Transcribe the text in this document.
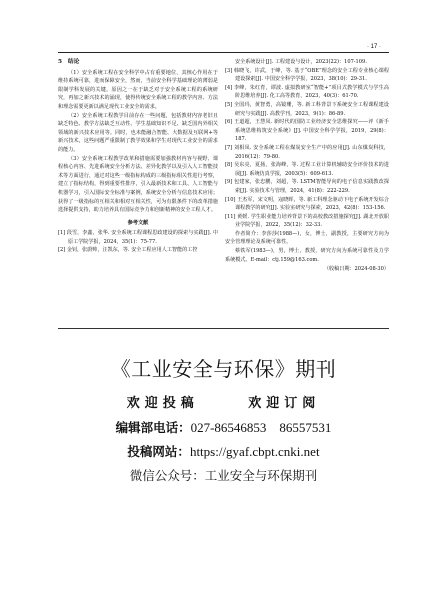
· 17 ·
5　结论

（1）安全系统工程在安全科学中占有重要地位，其核心作用在于维持系统可靠，进而保障安全，然而，当前安全科学基础理论的薄弱是限制学科发展的关键。原因之一在于缺乏对于安全系统工程的系统研究，再加之新兴技术的涌现，使得传统安全系统工程的教学内容、方法和理念需要更新以满足现代工业安全的需求。

（2）安全系统工程教学目前存在一些问题，包括教材内容老旧且缺乏特色、教学方法缺乏互动性、学生基础知识不足、缺乏国内外相关领域的新兴技术应用等。同时，也未能融合智能、大数据及互联网+等新兴技术，这些问题严重限制了教学效果和学生对现代工业安全的需求的能力。

（3）安全系统工程教学改革和措施需要加强教材内容与视野、课程核心内容、先进系统安全分析方法、差异化教学以及引入人工智能技术等方面进行，通过对这些一级指标构成的三级指标相关性进行考察，建立了指标结构，得到重要性排序，引入最新技术和工具、人工智能与机器学习，引入国际安全标准与案例，系统安全分析与信息技术应用；获得了一级指标的互相关和相对互相关性，可为有限条件下的改革措施选择提供支持，助力培养具有国际竞争力和创新精神的安全工程人才。

参考文献

[1] 段雪，李鑫，张华. 安全系统工程课程思政建设的探索与实践[J]. 中原工学院学报，2024，35(1)：75-77.

[2] 金钊，张蔚帅，汪凯东，等. 安全工程应用人工智能的工控

安全系统设计[J]. 工程建设与设计，2023(22)：107-109.

[3] 韩晓飞，许武，于峰，等. 基于“OBE”理念的安全工程专业核心课程建设探索[J]. 中国安全科学学报，2023，38(10)：29-31.

[4] 李峰，朱红育，谭波. 虚拟教研室“智能+”项目式教学模式与学生高阶思维培养[J]. 化工高等教育，2023，40(3)：61-70.

[5] 全国玛，黄智勇，高镜珊，等. 新工科背景下系统安全工程课程建设研究与实践[J]. 高教学刊，2023，9(1)：86-89.

[6] 王道超，王慧凤. 新时代的国防工业经济安全思维探究——评《新手系统思维构筑安全系统》[J]. 中国安全科学学报，2019，29(8)：187.

[7] 刘相凤. 安全系统工程在煤炭安全生产中的应用[J]. 山东煤炭科技，2016(12)：79-80.

[8] 吴东亮，夏扬，张海峰，等. 过程工业计算机辅助安全评价技术的进展[J]. 系统仿真学报，2003(5)：609-613.

[9] 包建家，张忠鹏，刘超，等. LSTM智能导向的电子信息实践教改探索[J]. 实验技术与管理，2024，41(8)：222-229.

[10] 王杰军，宋文明，寇晓晖，等. 新工科理念驱动下电子系统开发综合课程教学的研究[J]. 实验室研究与探索，2023，42(8)：153-156.

[11] 黄媛. 学生职业能力培养背景下的高校教改措施探究[J]. 湖北开放职业学院学报，2022，35(12)：32-33.

作者简介：李莎莎(1988—)，女，博士，副教授，主要研究方向为安全管理理论及系统可靠性。

蔡铁军(1983—)，男，博士，教授，研究方向为系统可靠性及力学系统模式。E-mail：ctj.159@163.com.

（收稿日期：2024-08-30）
《工业安全与环保》期刊
欢迎投稿	欢迎订阅
编辑部电话：027-86546853　86557531
投稿网站：https://gyaf.cbpt.cnki.net
微信公众号：工业安全与环保期刊
